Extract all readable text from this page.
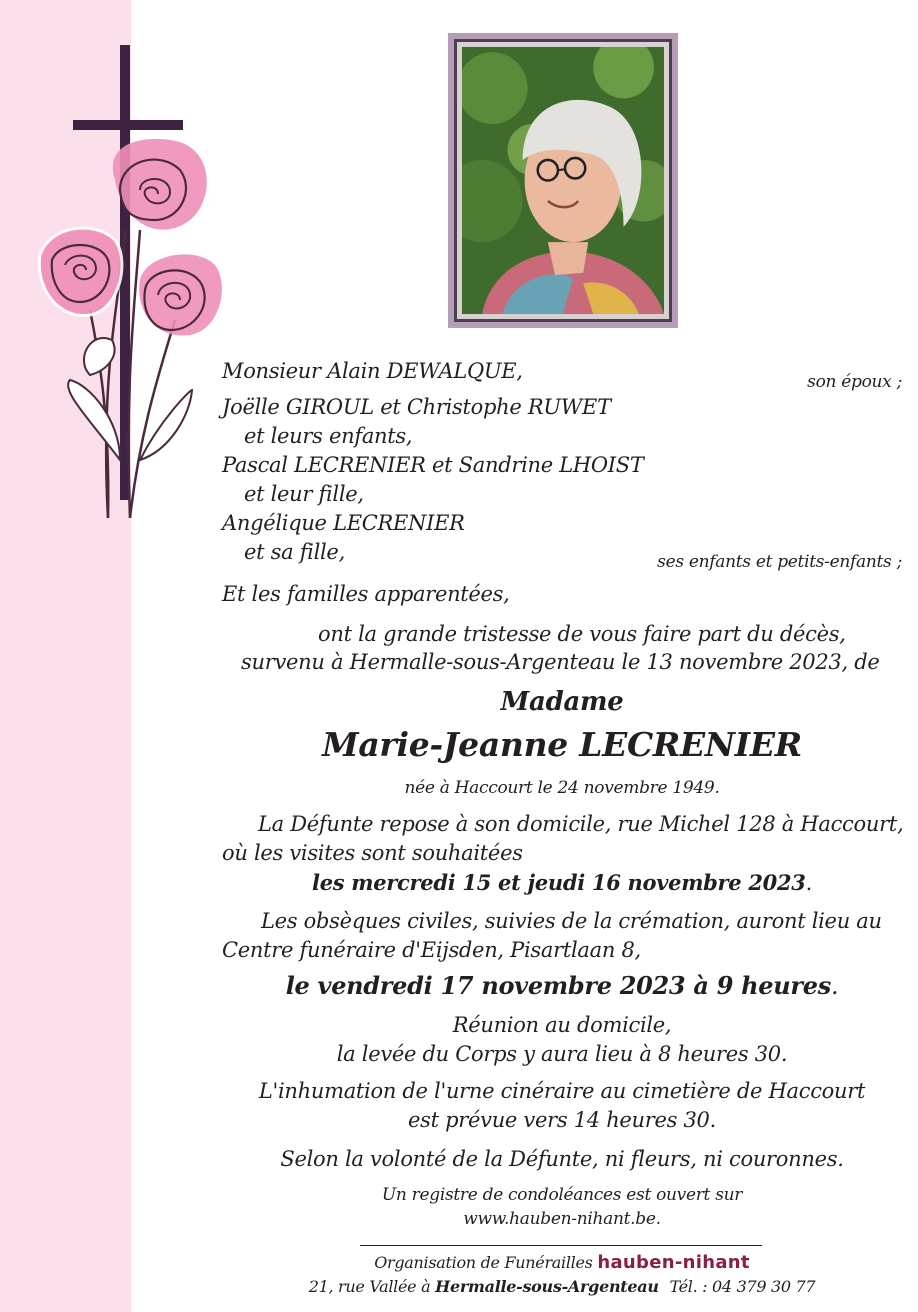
Monsieur Alain DEWALQUE,	son époux ;
Joëlle GIROUL et Christophe RUWET
et leurs enfants,
Pascal LECRENIER et Sandrine LHOIST
et leur fille,
Angélique LECRENIER
et sa fille,	ses enfants et petits-enfants ;
Et les familles apparentées,
ont la grande tristesse de vous faire part du décès,
survenu à Hermalle-sous-Argenteau le 13 novembre 2023, de
Madame
Marie-Jeanne LECRENIER
née à Haccourt le 24 novembre 1949.
La Défunte repose à son domicile, rue Michel 128 à Haccourt,
où les visites sont souhaitées
les mercredi 15 et jeudi 16 novembre 2023.
Les obsèques civiles, suivies de la crémation, auront lieu au
Centre funéraire d'Eijsden, Pisartlaan 8,
le vendredi 17 novembre 2023 à 9 heures.
Réunion au domicile,
la levée du Corps y aura lieu à 8 heures 30.
L'inhumation de l'urne cinéraire au cimetière de Haccourt
est prévue vers 14 heures 30.
Selon la volonté de la Défunte, ni fleurs, ni couronnes.
Un registre de condoléances est ouvert sur
www.hauben-nihant.be.
Organisation de Funérailles hauben-nihant
21, rue Vallée à Hermalle-sous-Argenteau Tél. : 04 379 30 77
